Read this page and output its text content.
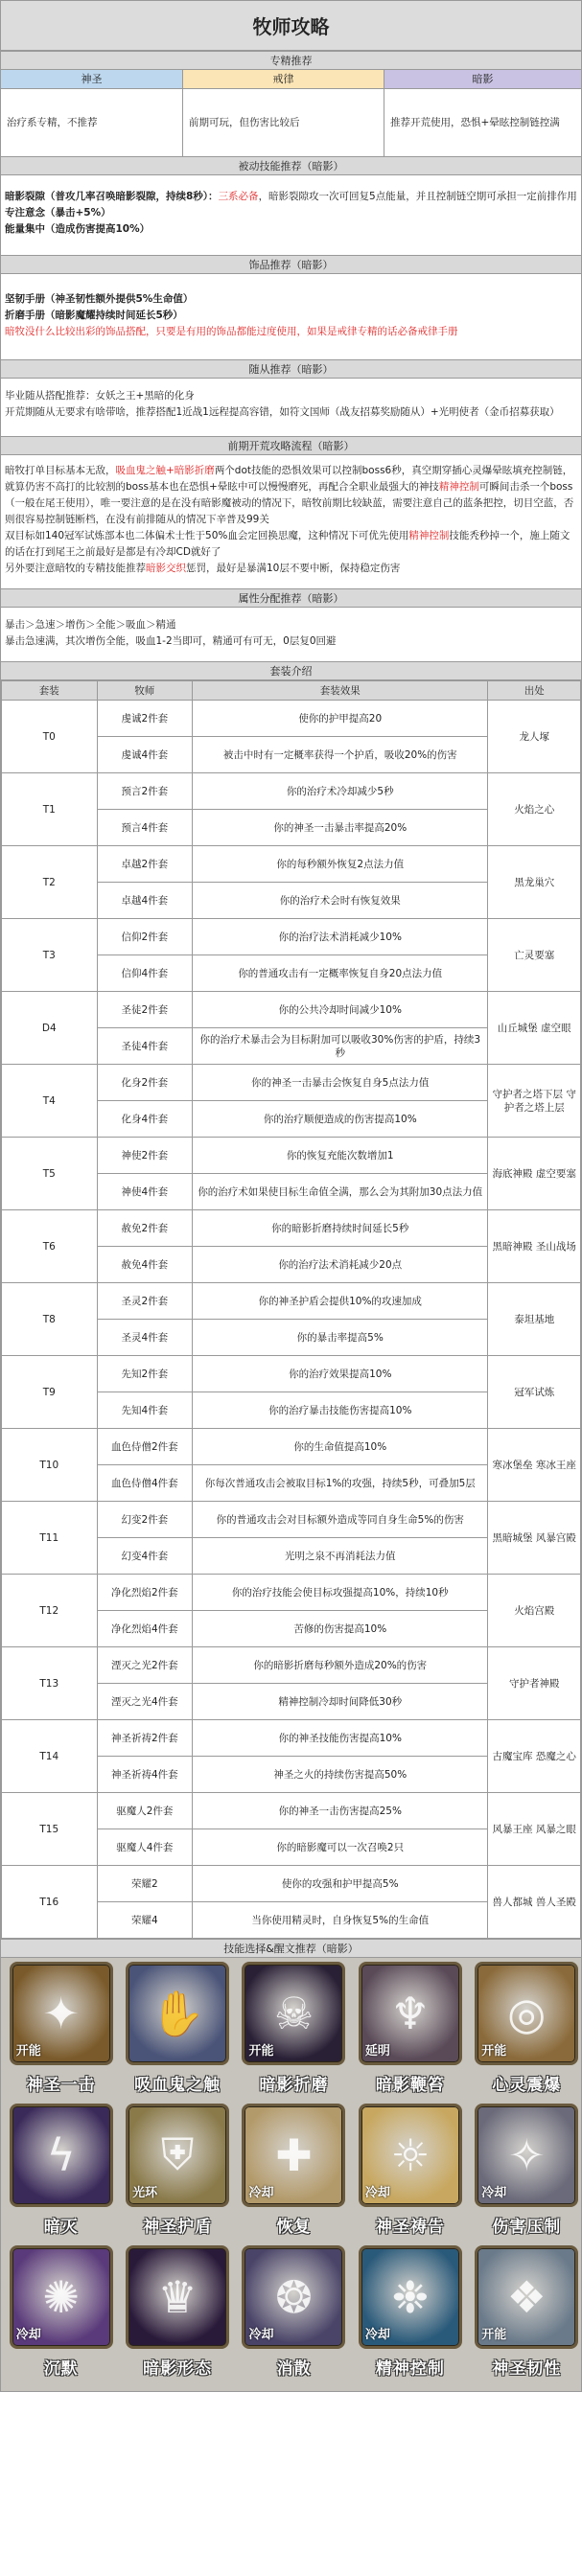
牧师攻略
专精推荐
神圣	戒律	暗影
治疗系专精，不推荐	前期可玩，但伤害比较后	推荐开荒使用，恐惧+晕眩控制链控满
被动技能推荐（暗影）
暗影裂隙（普攻几率召唤暗影裂隙，持续8秒）：三系必备，暗影裂隙攻一次可回复5点能量，并且控制链空期可承担一定前排作用
专注意念（暴击+5%）
能量集中（造成伤害提高10%）
饰品推荐（暗影）
坚韧手册（神圣韧性额外提供5%生命值）
折磨手册（暗影魔耀持续时间延长5秒）
暗牧没什么比较出彩的饰品搭配，只要是有用的饰品都能过度使用，如果是戒律专精的话必备戒律手册
随从推荐（暗影）
毕业随从搭配推荐：女妖之王+黑暗的化身
开荒期随从无要求有啥带啥，推荐搭配1近战1远程提高容错，如符文国师（战友招募奖励随从）+光明使者（金币招募获取）
前期开荒攻略流程（暗影）
暗牧打单目标基本无敌，吸血鬼之触+暗影折磨两个dot技能的恐惧效果可以控制boss6秒，真空期穿插心灵爆晕眩填充控制链，就算仍害不高打的比较割的boss基本也在恐惧+晕眩中可以慢慢磨死，再配合全职业最强大的神技精神控制可瞬间击杀一个boss（一般在尾王使用），唯一要注意的是在没有暗影魔被动的情况下，暗牧前期比较缺蓝，需要注意自己的蓝条把控，切目空蓝，否则很容易控制链断档，在没有前排随从的情况下辛普及99关
双目标如140冠军试炼部本也二体偏术士性于50%血会定回换思魔，这种情况下可优先使用精神控制技能秃秒掉一个，施上随文的话在打到尾王之前最好是都是有冷却CD就好了
另外要注意暗牧的专精技能推荐暗影交织惩罚，最好是暴满10层不要中断，保持稳定伤害
属性分配推荐（暗影）
暴击＞急速＞增伤＞全能＞吸血＞精通
暴击急速满，其次增伤全能，吸血1-2当即可，精通可有可无，0层复0回避
套装介绍
套装	牧师	套装效果	出处
T0	虔诚2件套	使你的护甲提高20	龙人塚
	虔诚4件套	被击中时有一定概率获得一个护盾，吸收20%的伤害	
T1	预言2件套	你的治疗术冷却减少5秒	火焰之心
	预言4件套	你的神圣一击暴击率提高20%	
T2	卓越2件套	你的每秒额外恢复2点法力值	黑龙巢穴
	卓越4件套	你的治疗术会时有恢复效果	
T3	信仰2件套	你的治疗法术消耗减少10%	亡灵要塞
	信仰4件套	你的普通攻击有一定概率恢复自身20点法力值	
D4	圣徒2件套	你的公共冷却时间减少10%	山丘城堡 虚空眼
	圣徒4件套	你的治疗术暴击会为目标附加可以吸收30%伤害的护盾，持续3秒	
T4	化身2件套	你的神圣一击暴击会恢复自身5点法力值	守护者之塔下层 守护者之塔上层
	化身4件套	你的治疗顺便造成的伤害提高10%	
T5	神使2件套	你的恢复充能次数增加1	海底神殿 虚空要塞
	神使4件套	你的治疗术如果使目标生命值全满，那么会为其附加30点法力值	
T6	赦免2件套	你的暗影折磨持续时间延长5秒	黑暗神殿 圣山战场
	赦免4件套	你的治疗法术消耗减少20点	
T8	圣灵2件套	你的神圣护盾会提供10%的攻速加成	泰坦基地
	圣灵4件套	你的暴击率提高5%	
T9	先知2件套	你的治疗效果提高10%	冠军试炼
	先知4件套	你的治疗暴击技能伤害提高10%	
T10	血色侍僧2件套	你的生命值提高10%	寒冰堡垒 寒冰王座
	血色侍僧4件套	你每次普通攻击会被取目标1%的攻强，持续5秒，可叠加5层	
T11	幻变2件套	你的普通攻击会对目标额外造成等同自身生命5%的伤害	黑暗城堡 风暴宫殿
	幻变4件套	光明之泉不再消耗法力值	
T12	净化烈焰2件套	你的治疗技能会使目标攻强提高10%，持续10秒	火焰宫殿
	净化烈焰4件套	苦修的伤害提高10%	
T13	湮灭之光2件套	你的暗影折磨每秒额外造成20%的伤害	守护者神殿
	湮灭之光4件套	精神控制冷却时间降低30秒	
T14	神圣祈祷2件套	你的神圣技能伤害提高10%	古魔宝库 恐魔之心
	神圣祈祷4件套	神圣之火的持续伤害提高50%	
T15	驱魔人2件套	你的神圣一击伤害提高25%	风暴王座 风暴之眼
	驱魔人4件套	你的暗影魔可以一次召唤2只	
T16	荣耀2	使你的攻强和护甲提高5%	兽人都城 兽人圣殿
	荣耀4	当你使用精灵时，自身恢复5%的生命值	
技能选择&醒文推荐（暗影）
✦
开能
神圣一击
✋
吸血鬼之触
☠
开能
暗影折磨
♆
延明
暗影鞭笞
◎
开能
心灵震爆
ϟ
暗灭
⛨
光环
神圣护盾
✚
冷却
恢复
☼
冷却
神圣祷告
✧
冷却
伤害压制
✺
冷却
沉默
♛
暗影形态
❂
冷却
消散
❉
冷却
精神控制
❖
开能
神圣韧性
